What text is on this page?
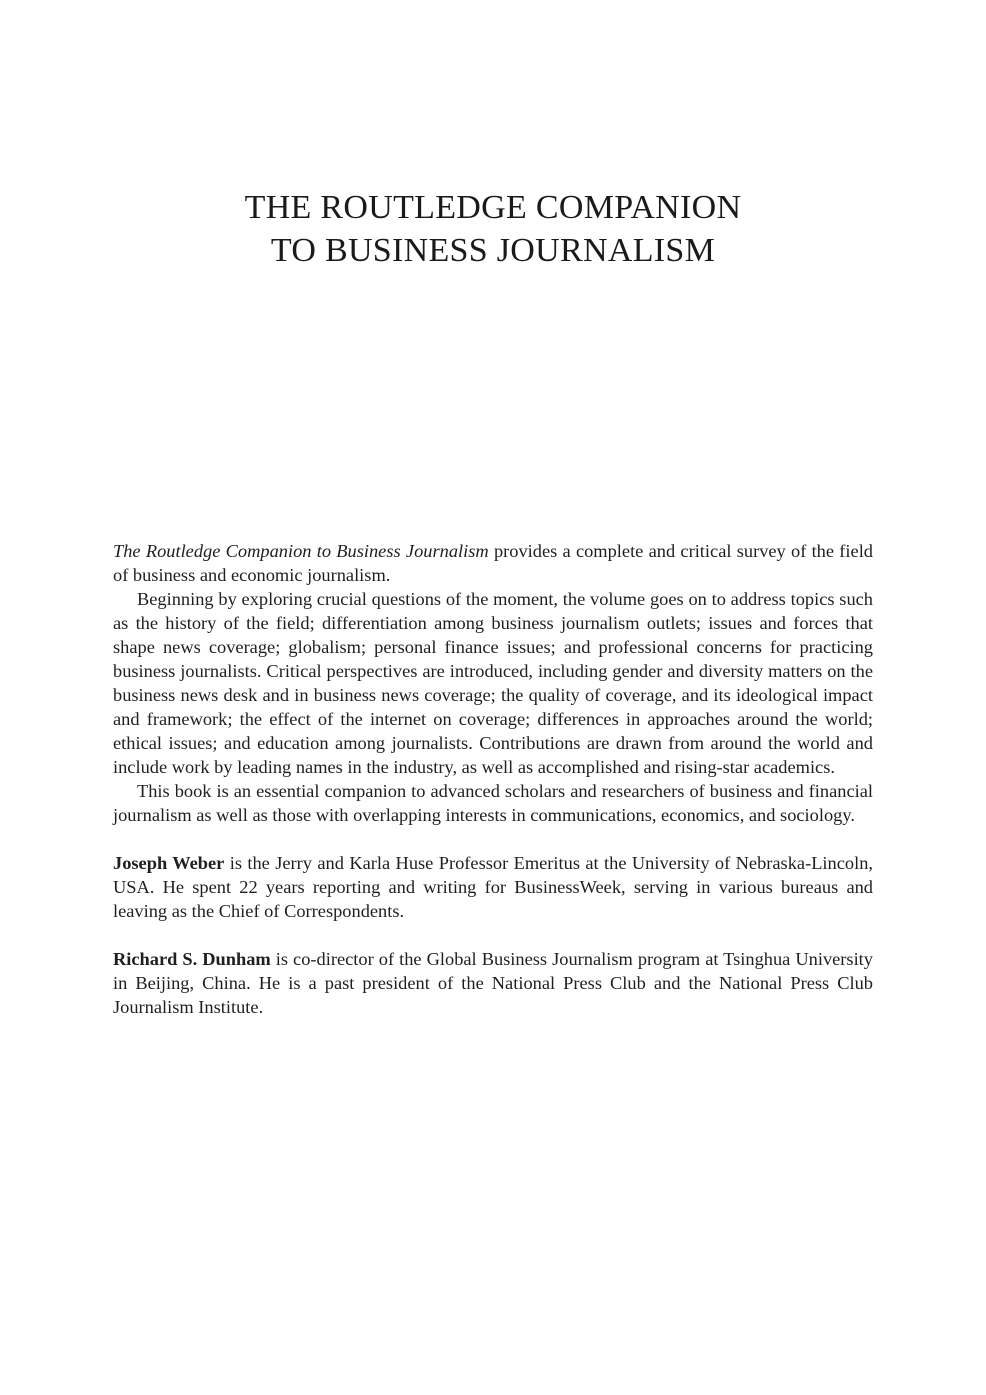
THE ROUTLEDGE COMPANION
TO BUSINESS JOURNALISM

The Routledge Companion to Business Journalism provides a complete and critical survey of the field of business and economic journalism.

Beginning by exploring crucial questions of the moment, the volume goes on to address topics such as the history of the field; differentiation among business journalism outlets; issues and forces that shape news coverage; globalism; personal finance issues; and professional concerns for practicing business journalists. Critical perspectives are introduced, including gender and diversity matters on the business news desk and in business news coverage; the quality of coverage, and its ideological impact and framework; the effect of the internet on coverage; differences in approaches around the world; ethical issues; and education among journalists. Contributions are drawn from around the world and include work by leading names in the industry, as well as accomplished and rising-star academics.

This book is an essential companion to advanced scholars and researchers of business and financial journalism as well as those with overlapping interests in communications, economics, and sociology.

Joseph Weber is the Jerry and Karla Huse Professor Emeritus at the University of Nebraska-Lincoln, USA. He spent 22 years reporting and writing for BusinessWeek, serving in various bureaus and leaving as the Chief of Correspondents.

Richard S. Dunham is co-director of the Global Business Journalism program at Tsinghua University in Beijing, China. He is a past president of the National Press Club and the National Press Club Journalism Institute.
